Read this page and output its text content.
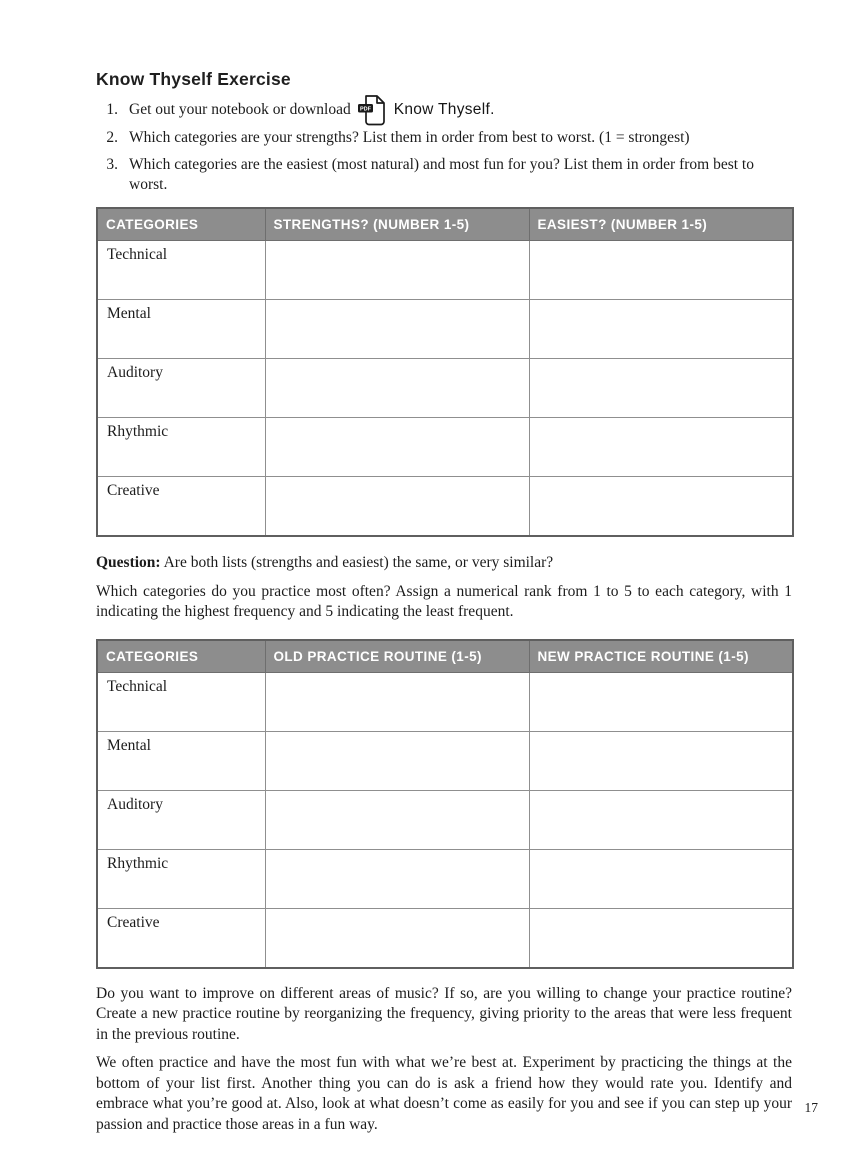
Know Thyself Exercise
1. Get out your notebook or download PDF Know Thyself .
2. Which categories are your strengths? List them in order from best to worst. (1 = strongest)
3. Which categories are the easiest (most natural) and most fun for you? List them in order from best to worst.
CATEGORIES	STRENGTHS? (NUMBER 1-5)	EASIEST? (NUMBER 1-5)
Technical		
Mental		
Auditory		
Rhythmic		
Creative		
Question: Are both lists (strengths and easiest) the same, or very similar?

Which categories do you practice most often? Assign a numerical rank from 1 to 5 to each category, with 1 indicating the highest frequency and 5 indicating the least frequent.

CATEGORIES	OLD PRACTICE ROUTINE (1-5)	NEW PRACTICE ROUTINE (1-5)
Technical		
Mental		
Auditory		
Rhythmic		
Creative		

Do you want to improve on different areas of music? If so, are you willing to change your practice routine? Create a new practice routine by reorganizing the frequency, giving priority to the areas that were less frequent in the previous routine.

We often practice and have the most fun with what we’re best at. Experiment by practicing the things at the bottom of your list first. Another thing you can do is ask a friend how they would rate you. Identify and embrace what you’re good at. Also, look at what doesn’t come as easily for you and see if you can step up your passion and practice those areas in a fun way.

17
